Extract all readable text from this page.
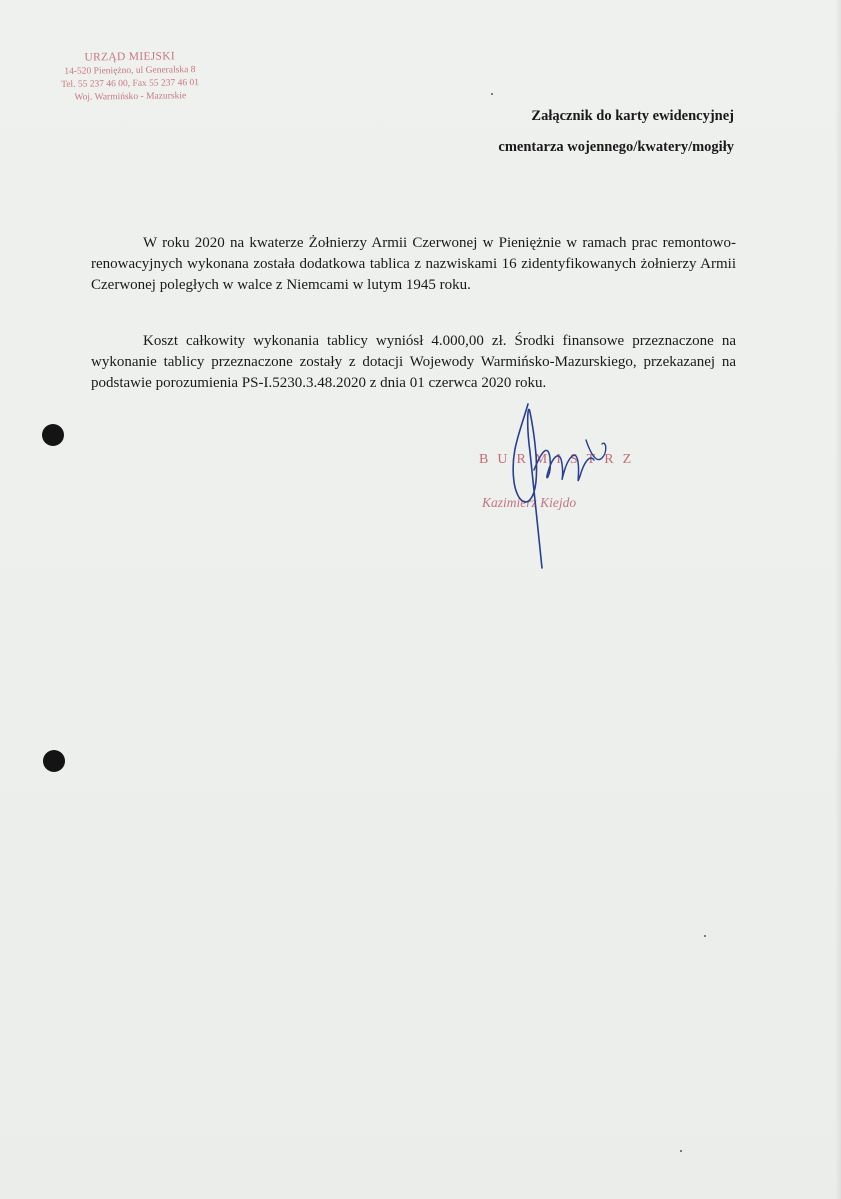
URZĄD MIEJSKI
14-520 Pieniężno, ul Generalska 8
Tel. 55 237 46 00, Fax 55 237 46 01
Woj. Warmińsko - Mazurskie
Załącznik do karty ewidencyjnej
cmentarza wojennego/kwatery/mogiły

W roku 2020 na kwaterze Żołnierzy Armii Czerwonej w Pieniężnie w ramach prac remontowo-renowacyjnych wykonana została dodatkowa tablica z nazwiskami 16 zidentyfikowanych żołnierzy Armii Czerwonej poległych w walce z Niemcami w lutym 1945 roku.

Koszt całkowity wykonania tablicy wyniósł 4.000,00 zł. Środki finansowe przeznaczone na wykonanie tablicy przeznaczone zostały z dotacji Wojewody Warmińsko-Mazurskiego, przekazanej na podstawie porozumienia PS-I.5230.3.48.2020 z dnia 01 czerwca 2020 roku.

BURMISTRZ
Kazimierz Kiejdo
